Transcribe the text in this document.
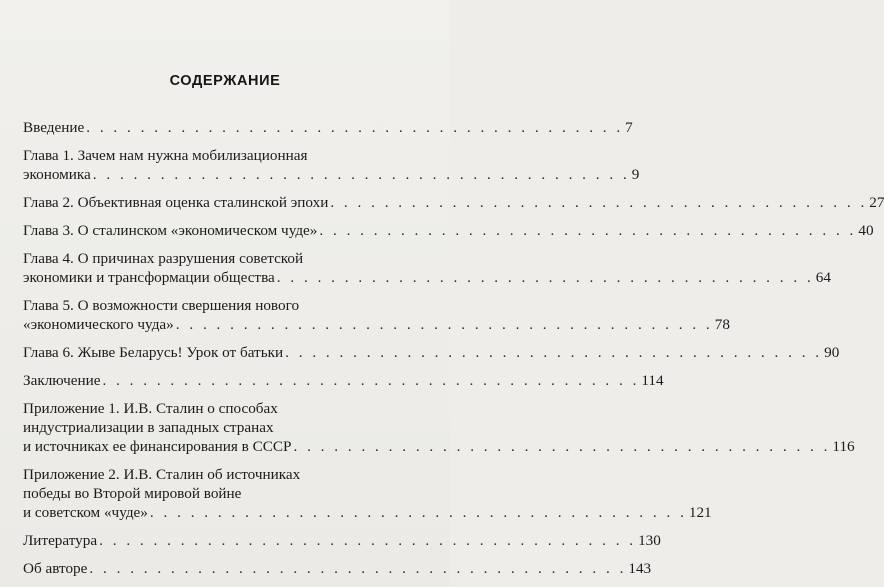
СОДЕРЖАНИЕ
Введение . . . . . . . . . . . . . . . . . . . . . . . . . . . . . . . . . . . . . . . . 7
Глава 1. Зачем нам нужна мобилизационная
экономика . . . . . . . . . . . . . . . . . . . . . . . . . . . . . . . . . . . . . . . . 9
Глава 2. Объективная оценка сталинской эпохи . . . . . . . . . . . . . . . . . . . . . . . . . . . . . . . . . . . . . . . . 27
Глава 3. О сталинском «экономическом чуде» . . . . . . . . . . . . . . . . . . . . . . . . . . . . . . . . . . . . . . . . 40
Глава 4. О причинах разрушения советской
экономики и трансформации общества . . . . . . . . . . . . . . . . . . . . . . . . . . . . . . . . . . . . . . . . 64
Глава 5. О возможности свершения нового
«экономического чуда» . . . . . . . . . . . . . . . . . . . . . . . . . . . . . . . . . . . . . . . . 78
Глава 6. Жыве Беларусь! Урок от батьки . . . . . . . . . . . . . . . . . . . . . . . . . . . . . . . . . . . . . . . . 90
Заключение . . . . . . . . . . . . . . . . . . . . . . . . . . . . . . . . . . . . . . . . 114
Приложение 1. И.В. Сталин о способах
индустриализации в западных странах
и источниках ее финансирования в СССР . . . . . . . . . . . . . . . . . . . . . . . . . . . . . . . . . . . . . . . . 116
Приложение 2. И.В. Сталин об источниках
победы во Второй мировой войне
и советском «чуде» . . . . . . . . . . . . . . . . . . . . . . . . . . . . . . . . . . . . . . . . 121
Литература . . . . . . . . . . . . . . . . . . . . . . . . . . . . . . . . . . . . . . . . 130
Об авторе . . . . . . . . . . . . . . . . . . . . . . . . . . . . . . . . . . . . . . . . 143
